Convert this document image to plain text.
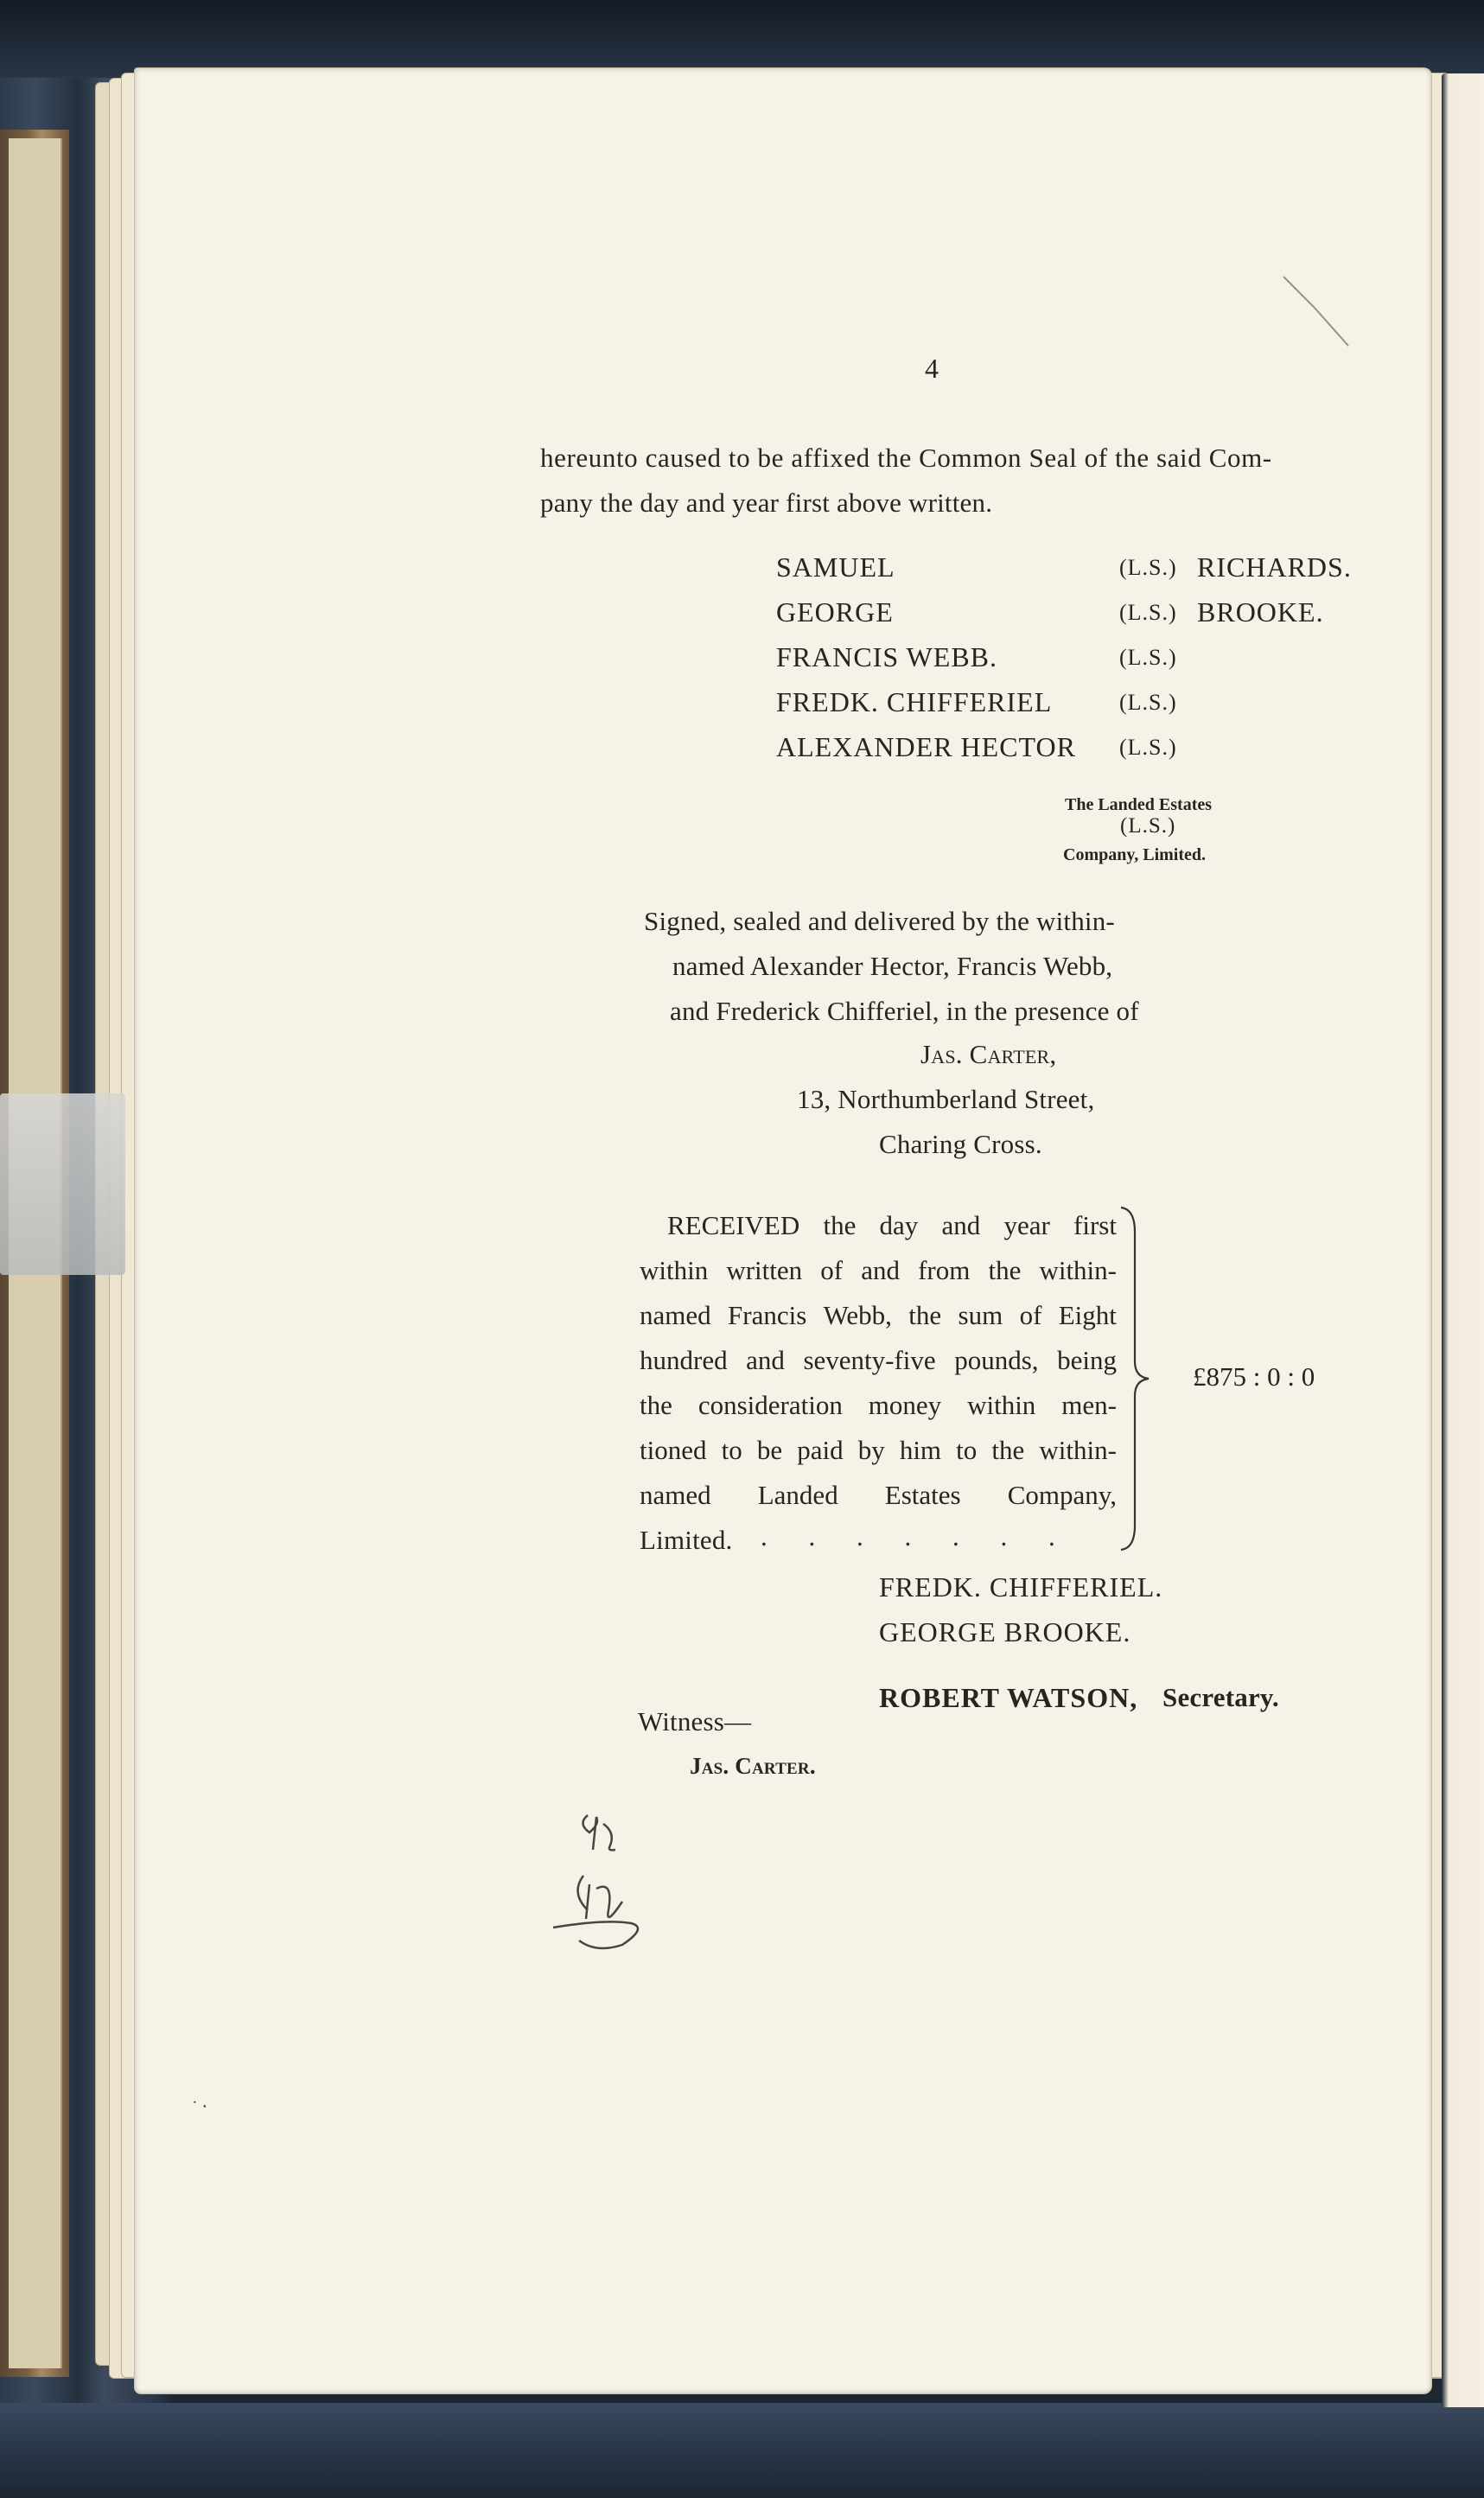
4
hereunto caused to be affixed the Common Seal of the said Com-
pany the day and year first above written.
SAMUEL	(L.S.) RICHARDS.
GEORGE	(L.S.) BROOKE.
FRANCIS WEBB.	(L.S.)
FREDK. CHIFFERIEL	(L.S.)
ALEXANDER HECTOR (L.S.)
The Landed Estates
(L.S.)
Company, Limited.
Signed, sealed and delivered by the within-
named Alexander Hector, Francis Webb,
and Frederick Chifferiel, in the presence of
Jas. Carter,
13, Northumberland Street,
Charing Cross.
RECEIVED the day and year first
within written of and from the within-
named Francis Webb, the sum of Eight
hundred and seventy-five pounds, being
the consideration money within men-
tioned to be paid by him to the within-
named Landed Estates Company,
Limited. . . . . . . .
£875 : 0 : 0
FREDK. CHIFFERIEL.
GEORGE BROOKE.
ROBERT WATSON, Secretary.
Witness—
Jas. Carter.
˙ ‧
